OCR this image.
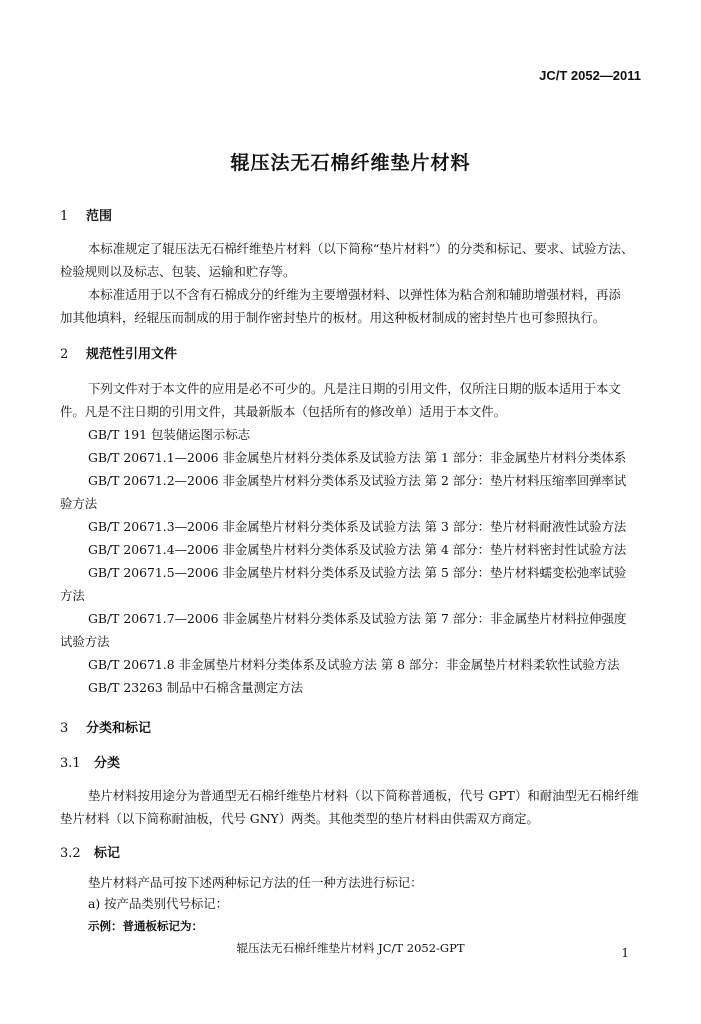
JC/T 2052—2011
辊压法无石棉纤维垫片材料
1 范围
本标准规定了辊压法无石棉纤维垫片材料（以下简称“垫片材料”）的分类和标记、要求、试验方法、
检验规则以及标志、包装、运输和贮存等。
本标准适用于以不含有石棉成分的纤维为主要增强材料、以弹性体为粘合剂和辅助增强材料，再添
加其他填料，经辊压而制成的用于制作密封垫片的板材。用这种板材制成的密封垫片也可参照执行。
2 规范性引用文件
下列文件对于本文件的应用是必不可少的。凡是注日期的引用文件，仅所注日期的版本适用于本文
件。凡是不注日期的引用文件，其最新版本（包括所有的修改单）适用于本文件。
GB/T 191 包装储运图示标志
GB/T 20671.1—2006 非金属垫片材料分类体系及试验方法 第 1 部分：非金属垫片材料分类体系
GB/T 20671.2—2006 非金属垫片材料分类体系及试验方法 第 2 部分：垫片材料压缩率回弹率试
验方法
GB/T 20671.3—2006 非金属垫片材料分类体系及试验方法 第 3 部分：垫片材料耐液性试验方法
GB/T 20671.4—2006 非金属垫片材料分类体系及试验方法 第 4 部分：垫片材料密封性试验方法
GB/T 20671.5—2006 非金属垫片材料分类体系及试验方法 第 5 部分：垫片材料蠕变松弛率试验
方法
GB/T 20671.7—2006 非金属垫片材料分类体系及试验方法 第 7 部分：非金属垫片材料拉伸强度
试验方法
GB/T 20671.8 非金属垫片材料分类体系及试验方法 第 8 部分：非金属垫片材料柔软性试验方法
GB/T 23263 制品中石棉含量测定方法
3 分类和标记
3.1 分类
垫片材料按用途分为普通型无石棉纤维垫片材料（以下简称普通板，代号 GPT）和耐油型无石棉纤维
垫片材料（以下简称耐油板，代号 GNY）两类。其他类型的垫片材料由供需双方商定。
3.2 标记
垫片材料产品可按下述两种标记方法的任一种方法进行标记：
a) 按产品类别代号标记：
示例：普通板标记为：
辊压法无石棉纤维垫片材料 JC/T 2052-GPT	1
